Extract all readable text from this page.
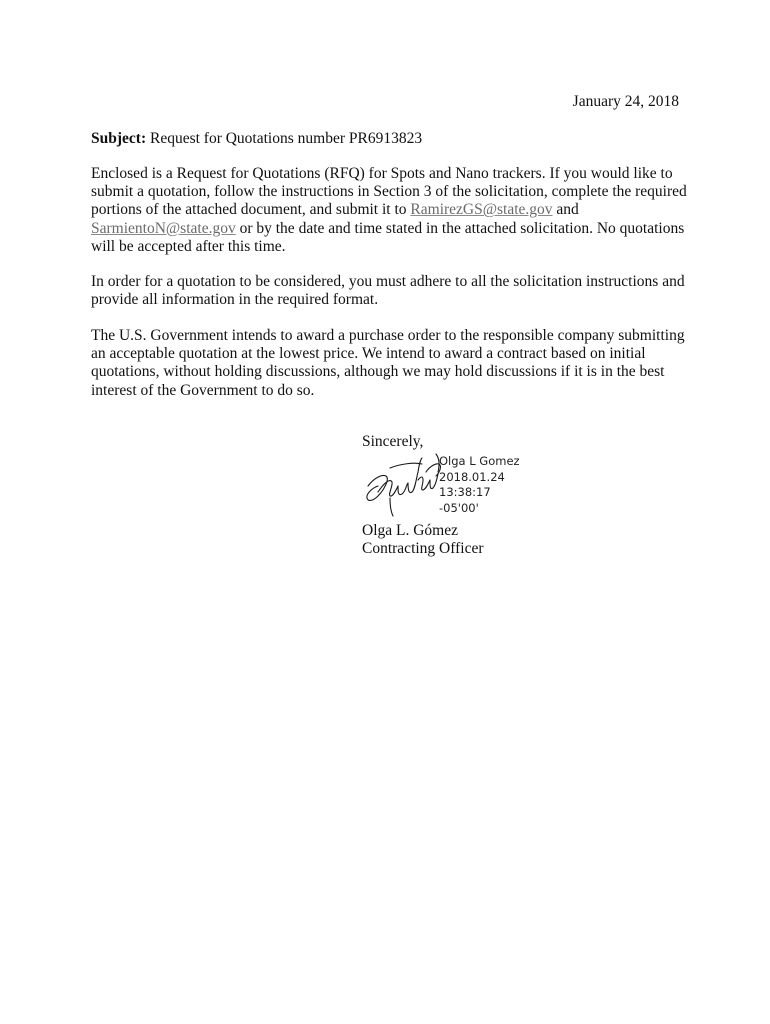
January 24, 2018
Subject: Request for Quotations number PR6913823
Enclosed is a Request for Quotations (RFQ) for Spots and Nano trackers. If you would like to
submit a quotation, follow the instructions in Section 3 of the solicitation, complete the required
portions of the attached document, and submit it to RamirezGS@state.gov and
SarmientoN@state.gov or by the date and time stated in the attached solicitation. No quotations
will be accepted after this time.
In order for a quotation to be considered, you must adhere to all the solicitation instructions and
provide all information in the required format.
The U.S. Government intends to award a purchase order to the responsible company submitting
an acceptable quotation at the lowest price. We intend to award a contract based on initial
quotations, without holding discussions, although we may hold discussions if it is in the best
interest of the Government to do so.
Sincerely,
Olga L Gomez
2018.01.24
13:38:17
-05'00'
Olga L. Gómez
Contracting Officer
